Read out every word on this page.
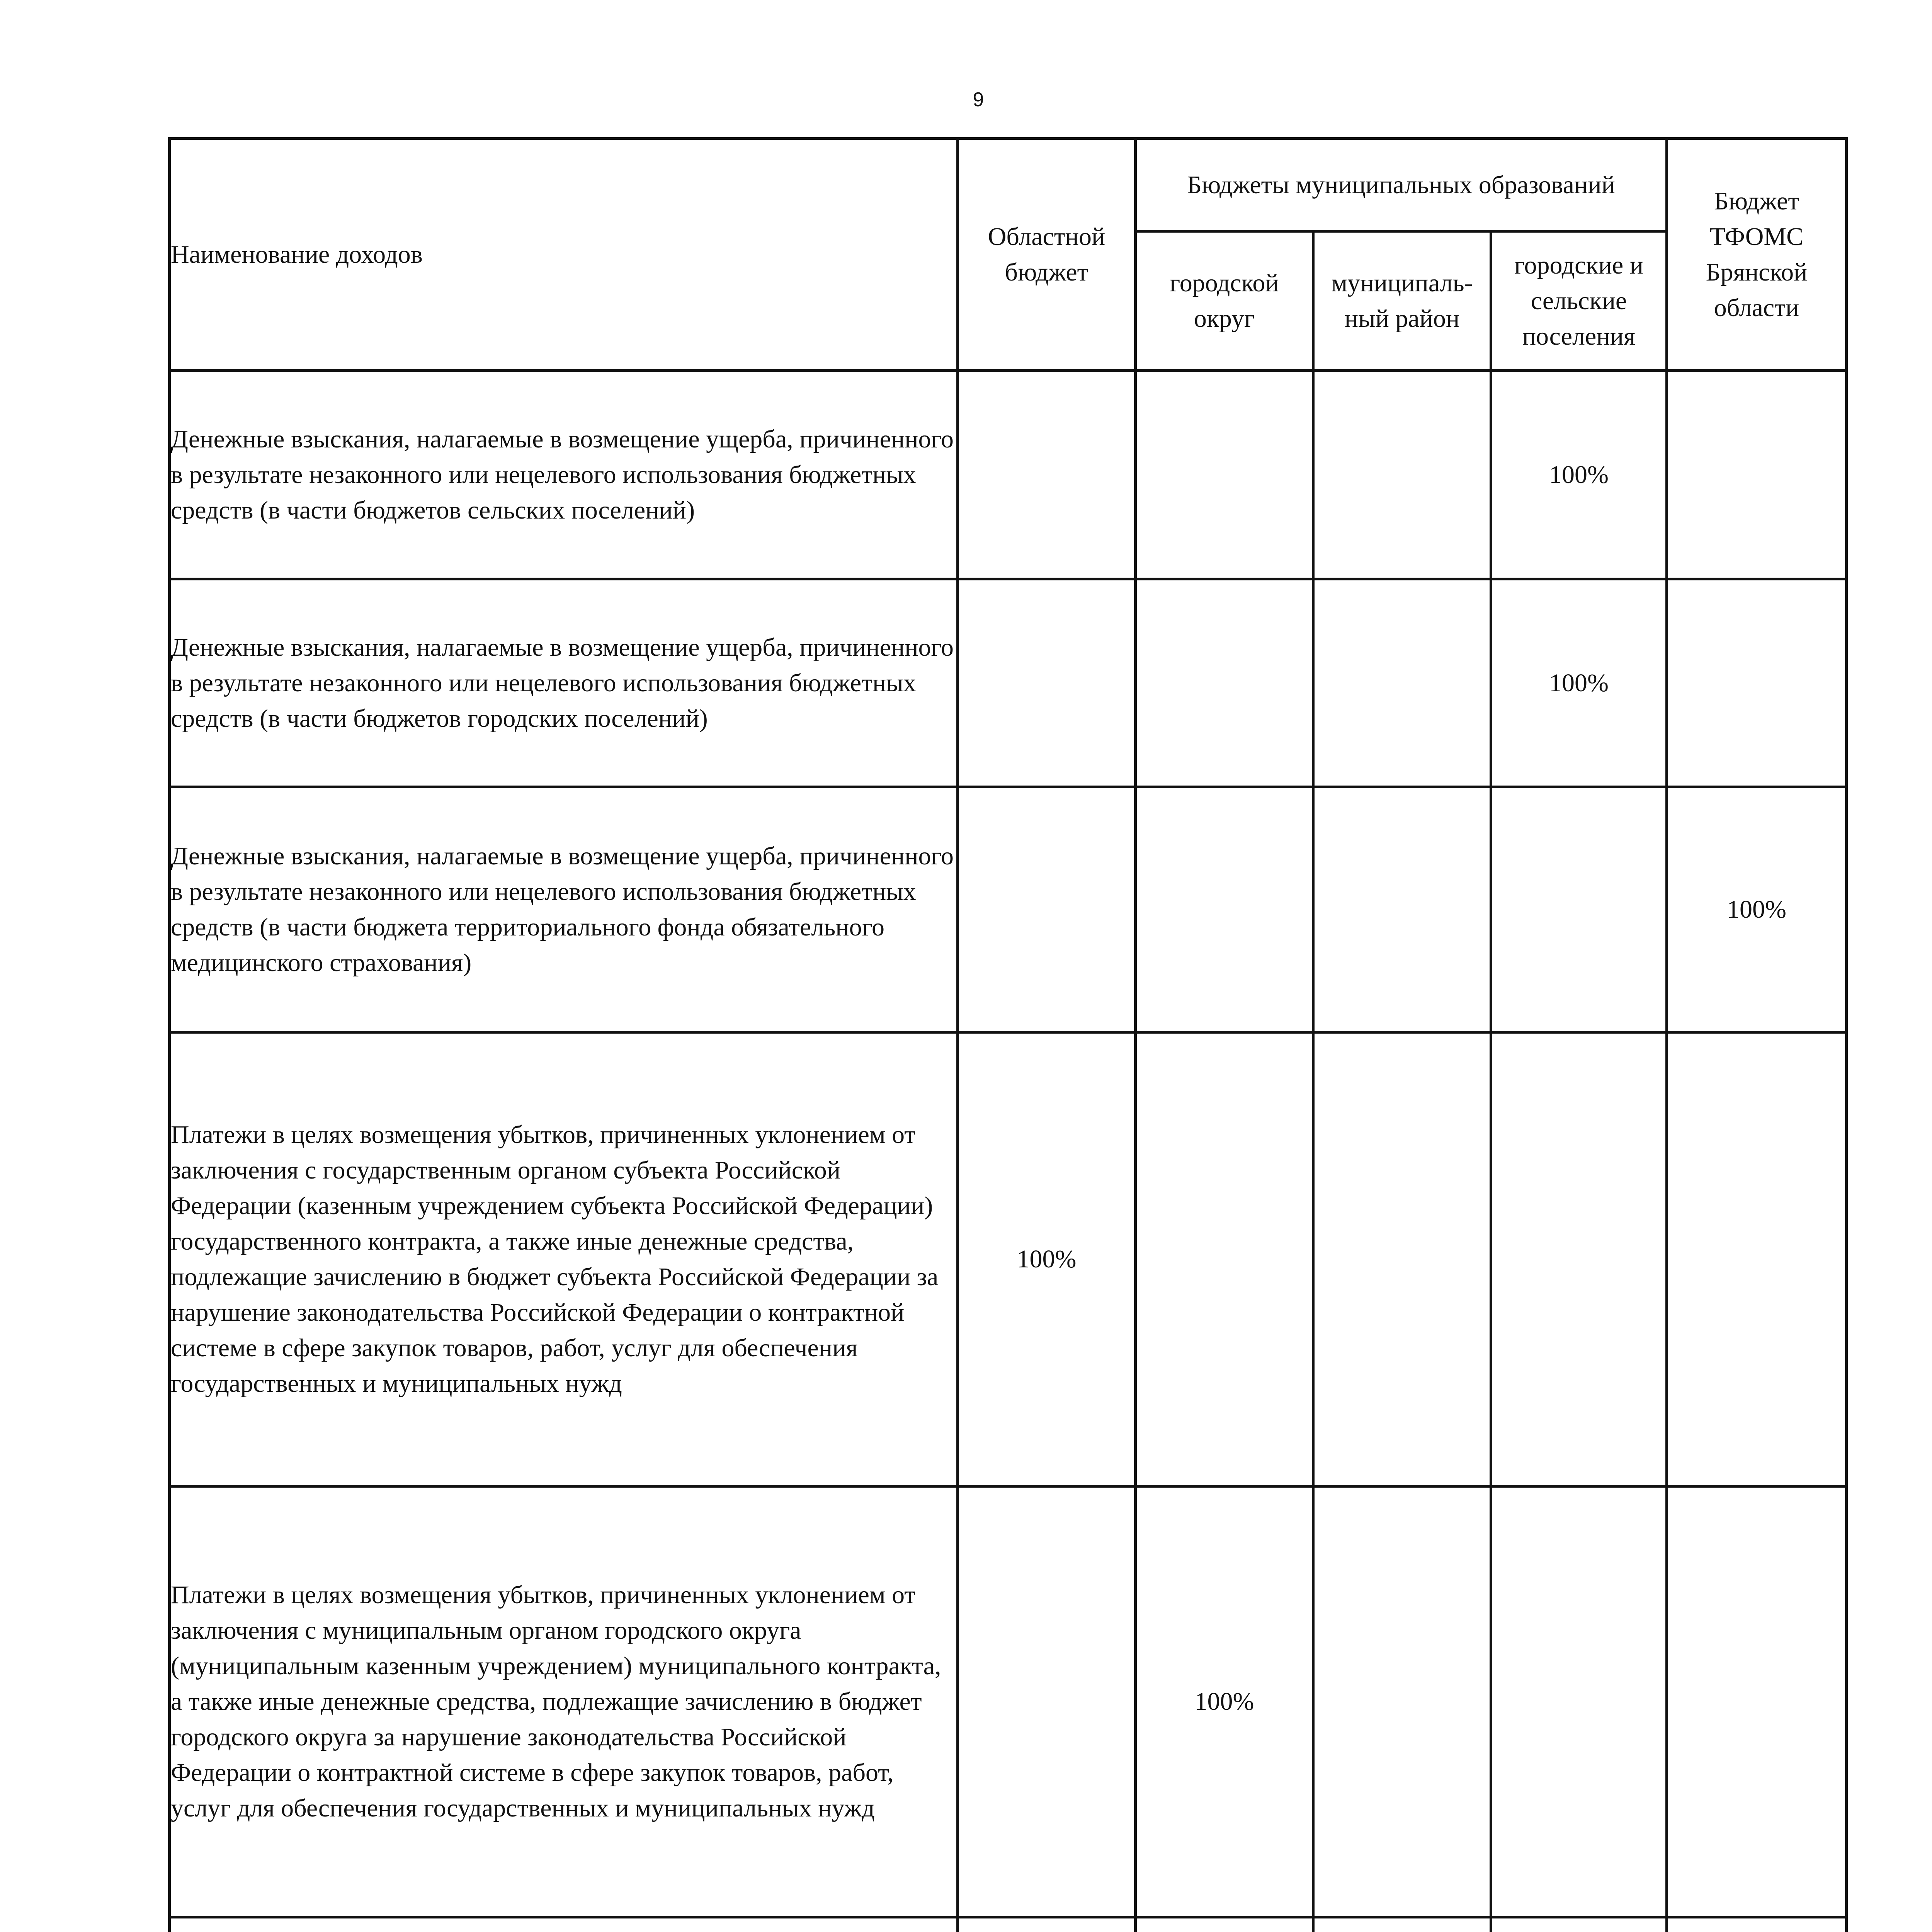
9
Наименование доходов	Областной бюджет	Бюджеты муниципальных образований			Бюджет ТФОМС Брянской области
		городской округ	муниципаль-ный район	городские и сельские поселения	
Денежные взыскания, налагаемые в возмещение ущерба, причиненного в результате незаконного или нецелевого использования бюджетных средств (в части бюджетов сельских поселений)				100%	
Денежные взыскания, налагаемые в возмещение ущерба, причиненного в результате незаконного или нецелевого использования бюджетных средств (в части бюджетов городских поселений)				100%	
Денежные взыскания, налагаемые в возмещение ущерба, причиненного в результате незаконного или нецелевого использования бюджетных средств (в части бюджета территориального фонда обязательного медицинского страхования)					100%
Платежи в целях возмещения убытков, причиненных уклонением от заключения с государственным органом субъекта Российской Федерации (казенным учреждением субъекта Российской Федерации) государственного контракта, а также иные денежные средства, подлежащие зачислению в бюджет субъекта Российской Федерации за нарушение законодательства Российской Федерации о контрактной системе в сфере закупок товаров, работ, услуг для обеспечения государственных и муниципальных нужд	100%				
Платежи в целях возмещения убытков, причиненных уклонением от заключения с муниципальным органом городского округа (муниципальным казенным учреждением) муниципального контракта, а также иные денежные средства, подлежащие зачислению в бюджет городского округа за нарушение законодательства Российской Федерации о контрактной системе в сфере закупок товаров, работ, услуг для обеспечения государственных и муниципальных нужд		100%			
